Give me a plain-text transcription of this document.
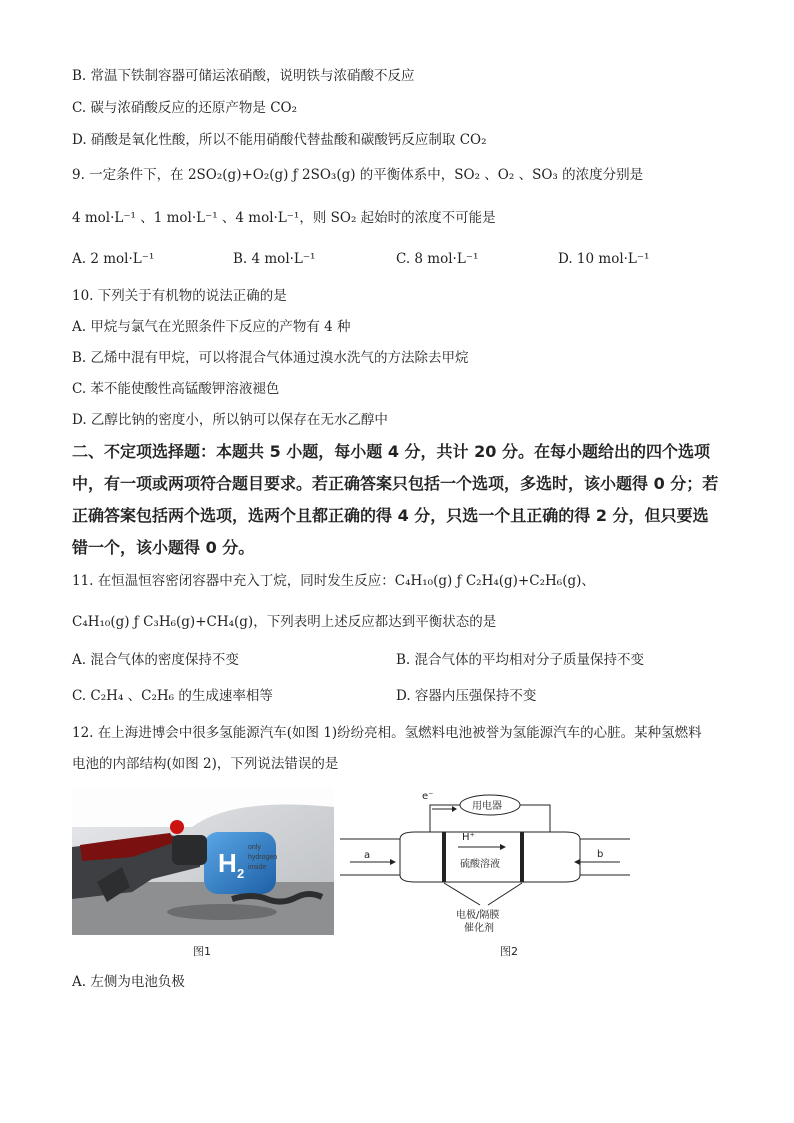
B. 常温下铁制容器可储运浓硝酸，说明铁与浓硝酸不反应
C. 碳与浓硝酸反应的还原产物是 CO₂
D. 硝酸是氧化性酸，所以不能用硝酸代替盐酸和碳酸钙反应制取 CO₂
9. 一定条件下，在 2SO₂(g)+O₂(g) ƒ 2SO₃(g) 的平衡体系中，SO₂ 、O₂ 、SO₃ 的浓度分别是
4 mol·L⁻¹ 、1 mol·L⁻¹ 、4 mol·L⁻¹，则 SO₂ 起始时的浓度不可能是
A. 2 mol·L⁻¹	B. 4 mol·L⁻¹	C. 8 mol·L⁻¹	D. 10 mol·L⁻¹
10. 下列关于有机物的说法正确的是
A. 甲烷与氯气在光照条件下反应的产物有 4 种
B. 乙烯中混有甲烷，可以将混合气体通过溴水洗气的方法除去甲烷
C. 苯不能使酸性高锰酸钾溶液褪色
D. 乙醇比钠的密度小，所以钠可以保存在无水乙醇中
二、不定项选择题：本题共 5 小题，每小题 4 分，共计 20 分。在每小题给出的四个选项中，有一项或两项符合题目要求。若正确答案只包括一个选项，多选时，该小题得 0 分；若正确答案包括两个选项，选两个且都正确的得 4 分，只选一个且正确的得 2 分，但只要选错一个，该小题得 0 分。
11. 在恒温恒容密闭容器中充入丁烷，同时发生反应：C₄H₁₀(g) ƒ C₂H₄(g)+C₂H₆(g)、
C₄H₁₀(g) ƒ C₃H₆(g)+CH₄(g)，下列表明上述反应都达到平衡状态的是
A. 混合气体的密度保持不变	B. 混合气体的平均相对分子质量保持不变
C. C₂H₄ 、C₂H₆ 的生成速率相等	D. 容器内压强保持不变
12. 在上海进博会中很多氢能源汽车(如图 1)纷纷亮相。氢燃料电池被誉为氢能源汽车的心脏。某种氢燃料
电池的内部结构(如图 2)，下列说法错误的是
only
hydrogen
inside
H 2
图1
用电器
e⁻
a	b
H⁺
硫酸溶液
电极/隔膜
催化剂
图2
A. 左侧为电池负极
